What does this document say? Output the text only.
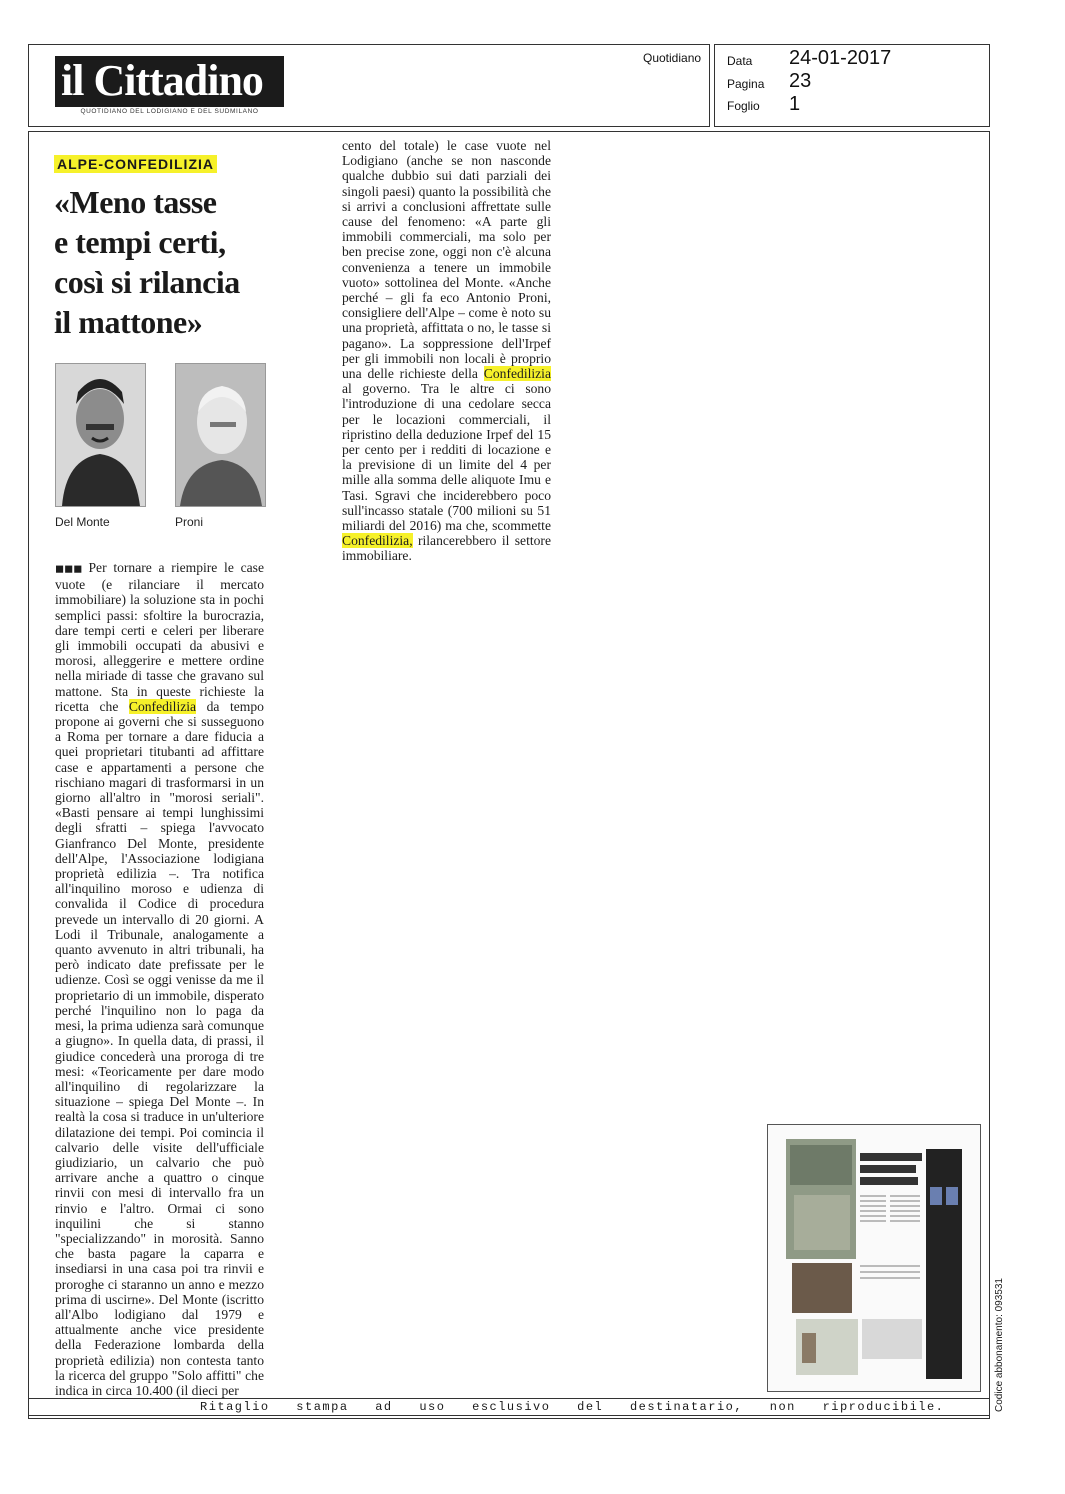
il Cittadino
QUOTIDIANO DEL LODIGIANO E DEL SUDMILANO
Quotidiano Data 24-01-2017
Pagina 23
Foglio 1
ALPE-CONFEDILIZIA
«Meno tasse
e tempi certi,
così si rilancia
il mattone»
Del Monte	Proni
◼◼◼ Per tornare a riempire le case vuote (e rilanciare il mercato immobiliare) la soluzione sta in pochi semplici passi: sfoltire la burocrazia, dare tempi certi e celeri per liberare gli immobili occupati da abusivi e morosi, alleggerire e mettere ordine nella miriade di tasse che gravano sul mattone. Sta in queste richieste la ricetta che Confedilizia da tempo propone ai governi che si susseguono a Roma per tornare a dare fiducia a quei proprietari titubanti ad affittare case e appartamenti a persone che rischiano magari di trasformarsi in un giorno all'altro in "morosi seriali". «Basti pensare ai tempi lunghissimi degli sfratti – spiega l'avvocato Gianfranco Del Monte, presidente dell'Alpe, l'Associazione lodigiana proprietà edilizia –. Tra notifica all'inquilino moroso e udienza di convalida il Codice di procedura prevede un intervallo di 20 giorni. A Lodi il Tribunale, analogamente a quanto avvenuto in altri tribunali, ha però indicato date prefissate per le udienze. Così se oggi venisse da me il proprietario di un immobile, disperato perché l'inquilino non lo paga da mesi, la prima udienza sarà comunque a giugno». In quella data, di prassi, il giudice concederà una proroga di tre mesi: «Teoricamente per dare modo all'inquilino di regolarizzare la situazione – spiega Del Monte –. In realtà la cosa si traduce in un'ulteriore dilatazione dei tempi. Poi comincia il calvario delle visite dell'ufficiale giudiziario, un calvario che può arrivare anche a quattro o cinque rinvii con mesi di intervallo fra un rinvio e l'altro. Ormai ci sono inquilini che si stanno "specializzando" in morosità. Sanno che basta pagare la caparra e insediarsi in una casa poi tra rinvii e proroghe ci staranno un anno e mezzo prima di uscirne». Del Monte (iscritto all'Albo lodigiano dal 1979 e attualmente anche vice presidente della Federazione lombarda della proprietà edilizia) non contesta tanto la ricerca del gruppo "Solo affitti" che indica in circa 10.400 (il dieci per
cento del totale) le case vuote nel Lodigiano (anche se non nasconde qualche dubbio sui dati parziali dei singoli paesi) quanto la possibilità che si arrivi a conclusioni affrettate sulle cause del fenomeno: «A parte gli immobili commerciali, ma solo per ben precise zone, oggi non c'è alcuna convenienza a tenere un immobile vuoto» sottolinea del Monte. «Anche perché – gli fa eco Antonio Proni, consigliere dell'Alpe – come è noto su una proprietà, affittata o no, le tasse si pagano». La soppressione dell'Irpef per gli immobili non locali è proprio una delle richieste della Confedilizia al governo. Tra le altre ci sono l'introduzione di una cedolare secca per le locazioni commerciali, il ripristino della deduzione Irpef del 15 per cento per i redditi di locazione e la previsione di un limite del 4 per mille alla somma delle aliquote Imu e Tasi. Sgravi che inciderebbero poco sull'incasso statale (700 milioni su 51 miliardi del 2016) ma che, scommette Confedilizia, rilancerebbero il settore immobiliare.
Ritaglio stampa ad uso esclusivo del destinatario, non riproducibile.	Codice abbonamento: 093531
